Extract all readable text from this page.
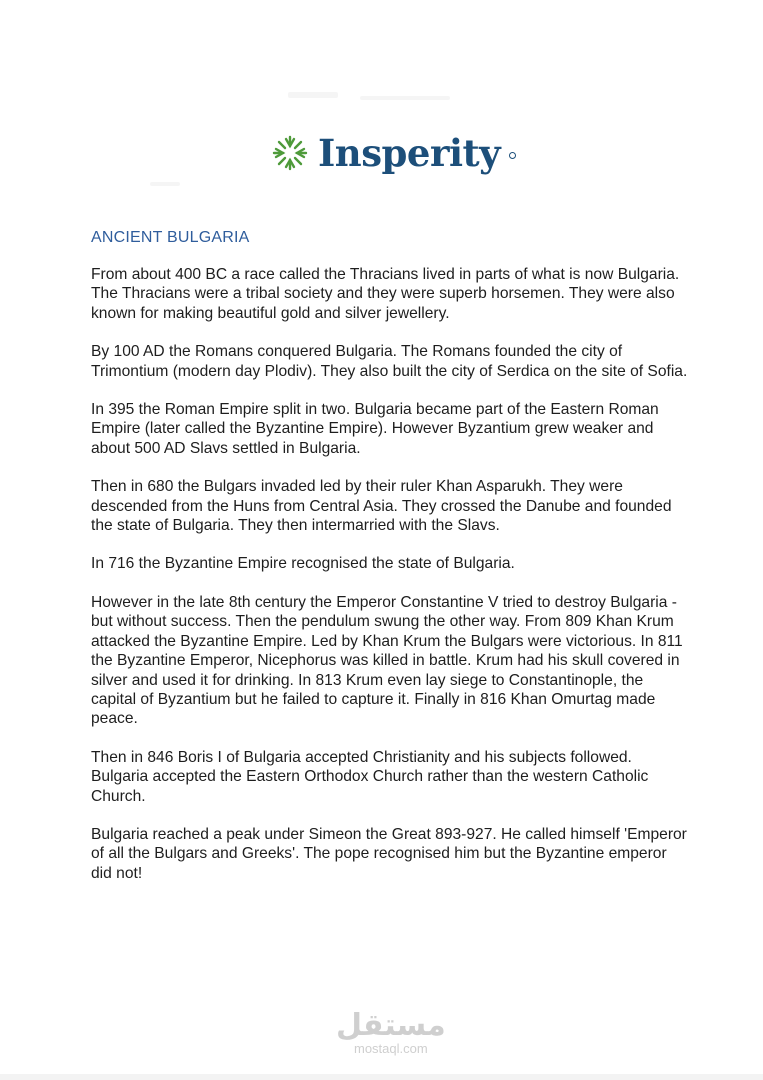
Insperity
ANCIENT BULGARIA

From about 400 BC a race called the Thracians lived in parts of what is now Bulgaria. The Thracians were a tribal society and they were superb horsemen. They were also known for making beautiful gold and silver jewellery.

By 100 AD the Romans conquered Bulgaria. The Romans founded the city of Trimontium (modern day Plodiv). They also built the city of Serdica on the site of Sofia.

In 395 the Roman Empire split in two. Bulgaria became part of the Eastern Roman Empire (later called the Byzantine Empire). However Byzantium grew weaker and about 500 AD Slavs settled in Bulgaria.

Then in 680 the Bulgars invaded led by their ruler Khan Asparukh. They were descended from the Huns from Central Asia. They crossed the Danube and founded the state of Bulgaria. They then intermarried with the Slavs.

In 716 the Byzantine Empire recognised the state of Bulgaria.

However in the late 8th century the Emperor Constantine V tried to destroy Bulgaria - but without success. Then the pendulum swung the other way. From 809 Khan Krum attacked the Byzantine Empire. Led by Khan Krum the Bulgars were victorious. In 811 the Byzantine Emperor, Nicephorus was killed in battle. Krum had his skull covered in silver and used it for drinking. In 813 Krum even lay siege to Constantinople, the capital of Byzantium but he failed to capture it. Finally in 816 Khan Omurtag made peace.

Then in 846 Boris I of Bulgaria accepted Christianity and his subjects followed. Bulgaria accepted the Eastern Orthodox Church rather than the western Catholic Church.

Bulgaria reached a peak under Simeon the Great 893-927. He called himself 'Emperor of all the Bulgars and Greeks'. The pope recognised him but the Byzantine emperor did not!

مستقل
mostaql.com
